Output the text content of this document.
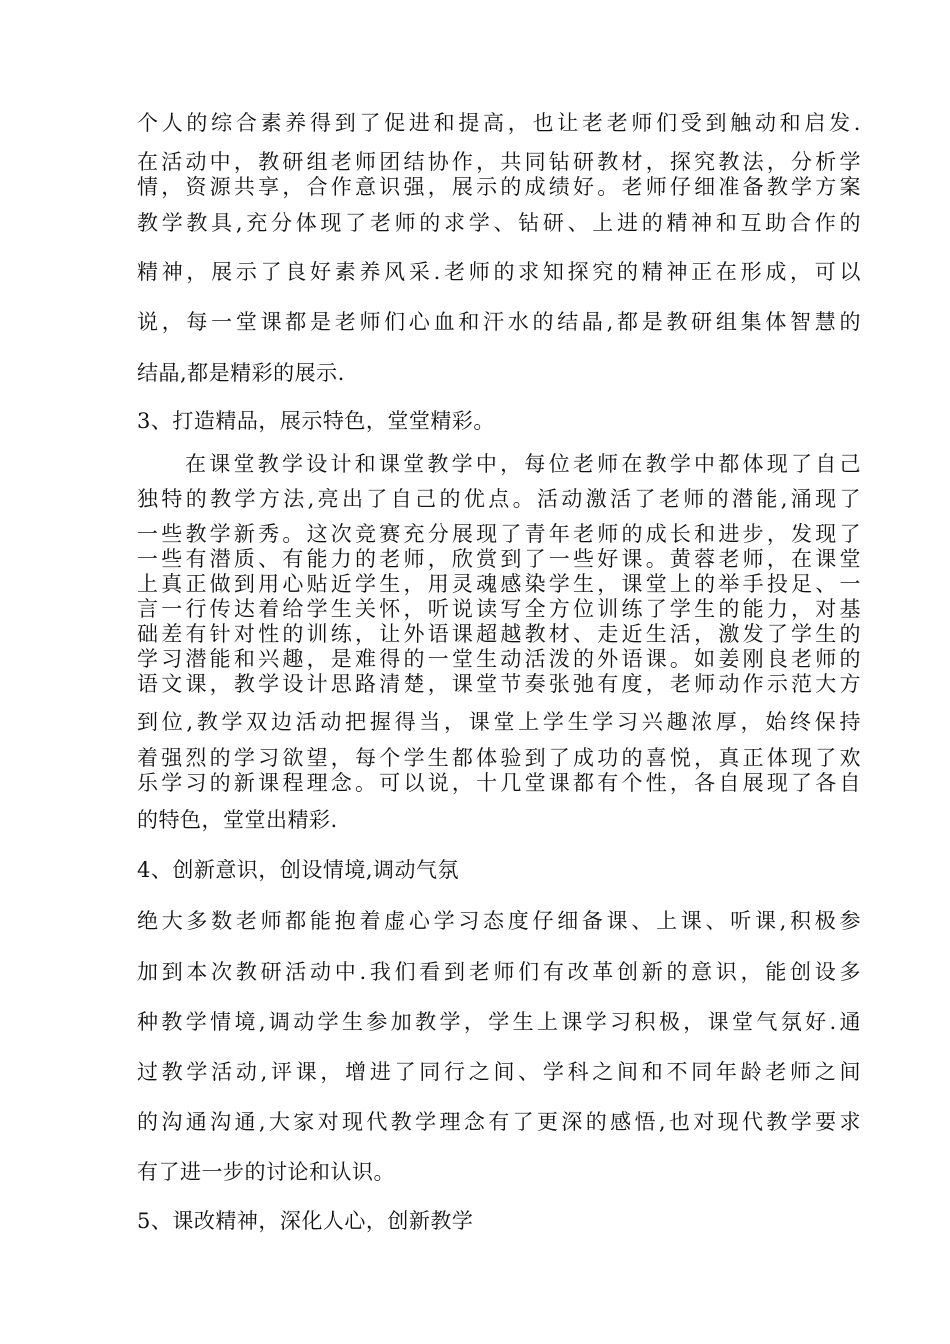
个人的综合素养得到了促进和提高，也让老老师们受到触动和启发.
在活动中，教研组老师团结协作，共同钻研教材，探究教法，分析学
情，资源共享，合作意识强，展示的成绩好。老师仔细准备教学方案
教学教具,充分体现了老师的求学、钻研、上进的精神和互助合作的
精神，展示了良好素养风采.老师的求知探究的精神正在形成，可以
说，每一堂课都是老师们心血和汗水的结晶,都是教研组集体智慧的
结晶,都是精彩的展示.
3、打造精品，展示特色，堂堂精彩。
在课堂教学设计和课堂教学中，每位老师在教学中都体现了自己
独特的教学方法,亮出了自己的优点。活动激活了老师的潜能,涌现了
一些教学新秀。这次竞赛充分展现了青年老师的成长和进步，发现了
一些有潜质、有能力的老师，欣赏到了一些好课。黄蓉老师，在课堂
上真正做到用心贴近学生，用灵魂感染学生，课堂上的举手投足、一
言一行传达着给学生关怀，听说读写全方位训练了学生的能力，对基
础差有针对性的训练，让外语课超越教材、走近生活，激发了学生的
学习潜能和兴趣，是难得的一堂生动活泼的外语课。如姜刚良老师的
语文课，教学设计思路清楚，课堂节奏张弛有度，老师动作示范大方
到位,教学双边活动把握得当，课堂上学生学习兴趣浓厚，始终保持
着强烈的学习欲望，每个学生都体验到了成功的喜悦，真正体现了欢
乐学习的新课程理念。可以说，十几堂课都有个性，各自展现了各自
的特色，堂堂出精彩.
4、创新意识，创设情境,调动气氛
绝大多数老师都能抱着虚心学习态度仔细备课、上课、听课,积极参
加到本次教研活动中.我们看到老师们有改革创新的意识，能创设多
种教学情境,调动学生参加教学，学生上课学习积极，课堂气氛好.通
过教学活动,评课，增进了同行之间、学科之间和不同年龄老师之间
的沟通沟通,大家对现代教学理念有了更深的感悟,也对现代教学要求
有了进一步的讨论和认识。
5、课改精神，深化人心，创新教学
